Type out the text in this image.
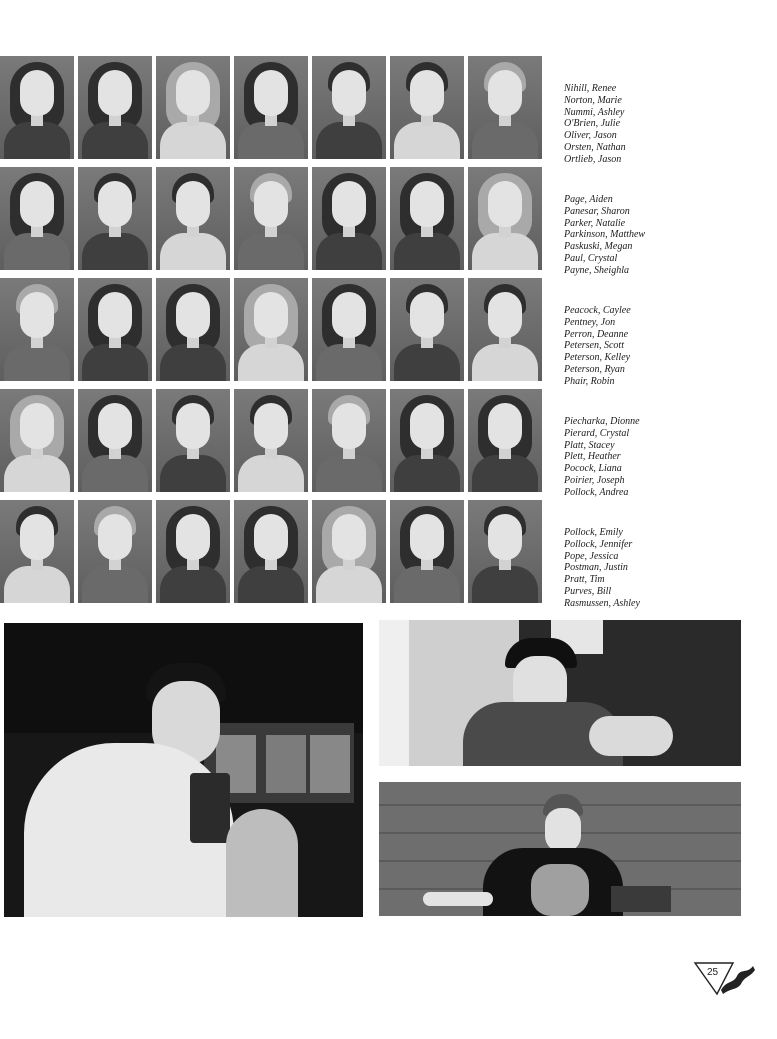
Nihill, Renee
Norton, Marie
Nummi, Ashley
O'Brien, Julie
Oliver, Jason
Orsten, Nathan
Ortlieb, Jason
Page, Aiden
Panesar, Sharon
Parker, Natalie
Parkinson, Matthew
Paskuski, Megan
Paul, Crystal
Payne, Sheighla
Peacock, Caylee
Pentney, Jon
Perron, Deanne
Petersen, Scott
Peterson, Kelley
Peterson, Ryan
Phair, Robin
Piecharka, Dionne
Pierard, Crystal
Platt, Stacey
Plett, Heather
Pocock, Liana
Poirier, Joseph
Pollock, Andrea
Pollock, Emily
Pollock, Jennifer
Pope, Jessica
Postman, Justin
Pratt, Tim
Purves, Bill
Rasmussen, Ashley
25
